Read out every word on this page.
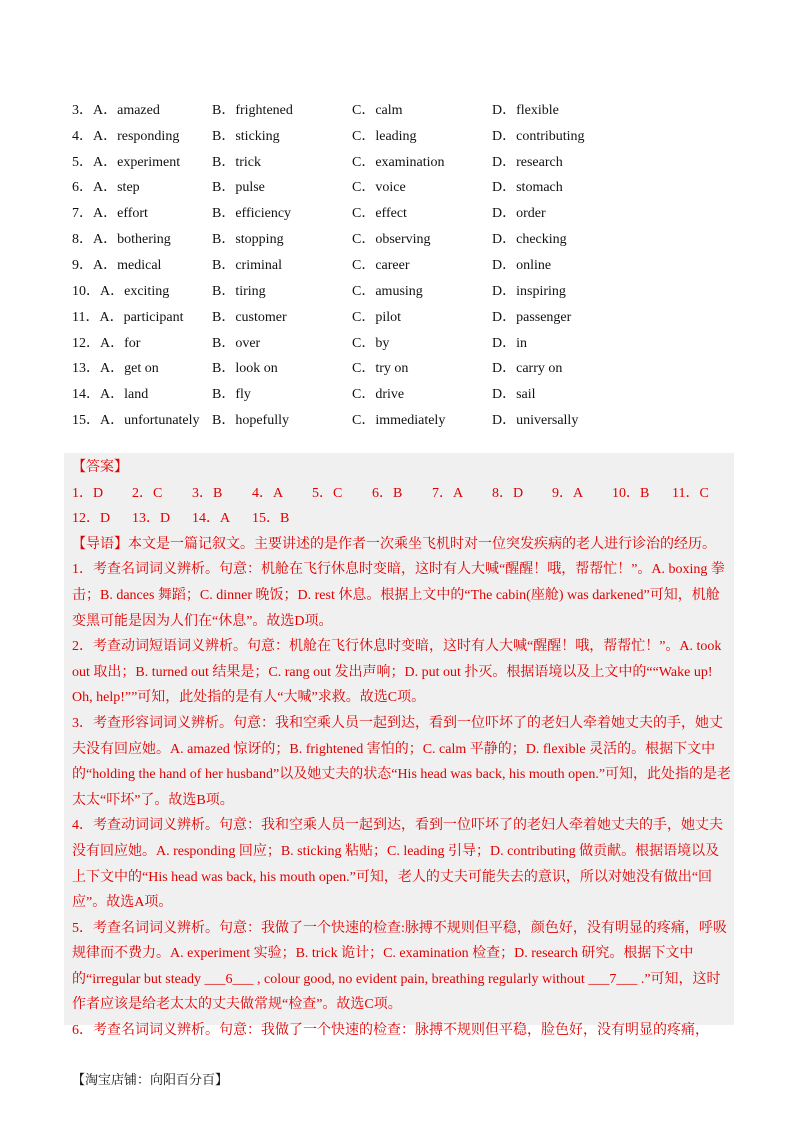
3．A．amazed	B．frightened	C．calm	D．flexible
4．A．responding	B．sticking	C．leading	D．contributing
5．A．experiment	B．trick	C．examination	D．research
6．A．step	B．pulse	C．voice	D．stomach
7．A．effort	B．efficiency	C．effect	D．order
8．A．bothering	B．stopping	C．observing	D．checking
9．A．medical	B．criminal	C．career	D．online
10．A．exciting	B．tiring	C．amusing	D．inspiring
11．A．participant	B．customer	C．pilot	D．passenger
12．A．for	B．over	C．by	D．in
13．A．get on	B．look on	C．try on	D．carry on
14．A．land	B．fly	C．drive	D．sail
15．A．unfortunately B．hopefully	C．immediately	D．universally

【答案】

1．D	2．C	3．B	4．A	5．C	6．B	7．A	8．D	9．A	10．B	11．C
12．D	13．D	14．A	15．B

【导语】本文是一篇记叙文。主要讲述的是作者一次乘坐飞机时对一位突发疾病的老人进行诊治的经历。

1．考查名词词义辨析。句意：机舱在飞行休息时变暗，这时有人大喊“醒醒！哦，帮帮忙！”。A. boxing 拳击；B. dances 舞蹈；C. dinner 晚饭；D. rest 休息。根据上文中的“The cabin(座舱) was darkened”可知，机舱变黑可能是因为人们在“休息”。故选D项。

2．考查动词短语词义辨析。句意：机舱在飞行休息时变暗，这时有人大喊“醒醒！哦，帮帮忙！”。A. took out 取出；B. turned out 结果是；C. rang out 发出声响；D. put out 扑灭。根据语境以及上文中的““Wake up! Oh, help!””可知，此处指的是有人“大喊”求救。故选C项。

3．考查形容词词义辨析。句意：我和空乘人员一起到达，看到一位吓坏了的老妇人牵着她丈夫的手，她丈夫没有回应她。A. amazed 惊讶的；B. frightened 害怕的；C. calm 平静的；D. flexible 灵活的。根据下文中的“holding the hand of her husband”以及她丈夫的状态“His head was back, his mouth open.”可知，此处指的是老太太“吓坏”了。故选B项。

4．考查动词词义辨析。句意：我和空乘人员一起到达，看到一位吓坏了的老妇人牵着她丈夫的手，她丈夫没有回应她。A. responding 回应；B. sticking 粘贴；C. leading 引导；D. contributing 做贡献。根据语境以及上下文中的“His head was back, his mouth open.”可知，老人的丈夫可能失去的意识，所以对她没有做出“回应”。故选A项。

5．考查名词词义辨析。句意：我做了一个快速的检查:脉搏不规则但平稳，颜色好，没有明显的疼痛，呼吸规律而不费力。A. experiment 实验；B. trick 诡计；C. examination 检查；D. research 研究。根据下文中的“irregular but steady ___6___ , colour good, no evident pain, breathing regularly without ___7___ .”可知，这时作者应该是给老太太的丈夫做常规“检查”。故选C项。

6．考查名词词义辨析。句意：我做了一个快速的检查：脉搏不规则但平稳，脸色好，没有明显的疼痛，

【淘宝店铺：向阳百分百】
